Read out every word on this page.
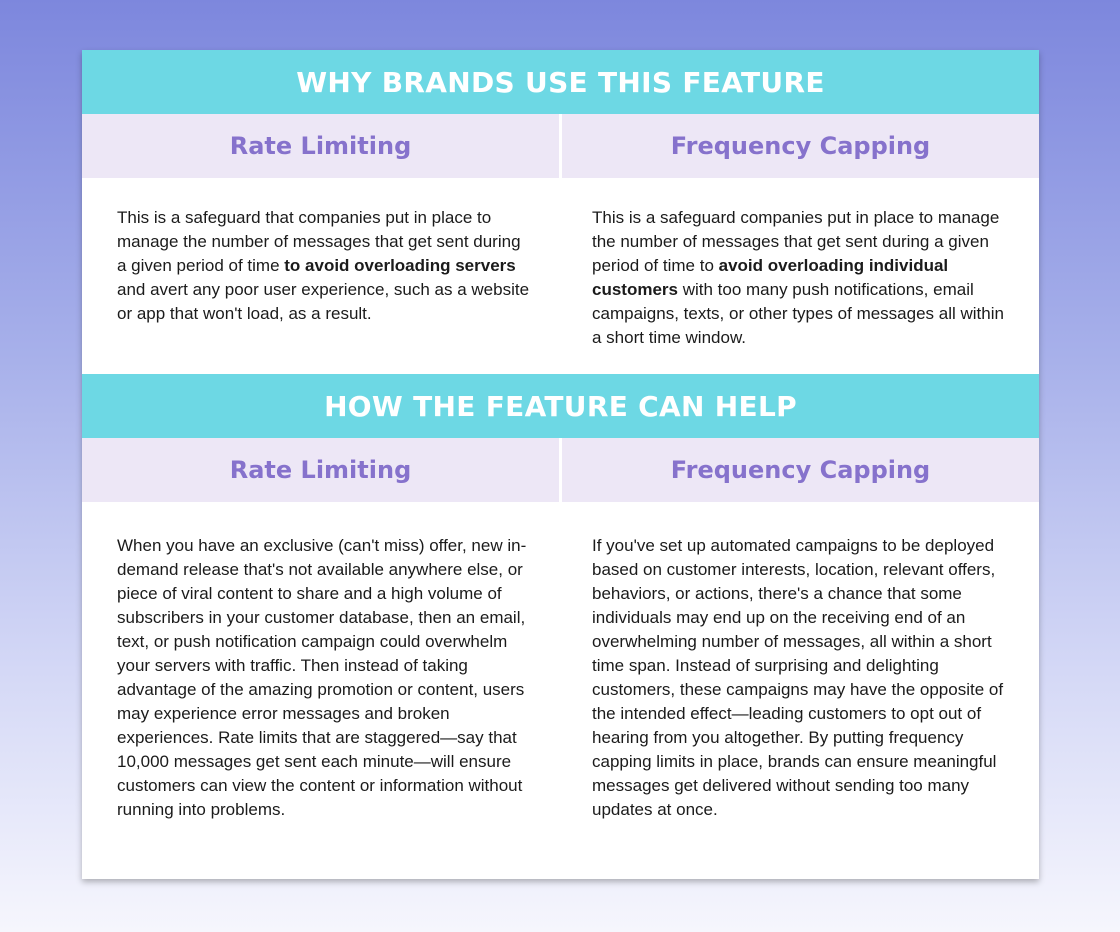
WHY BRANDS USE THIS FEATURE
Rate Limiting	Frequency Capping
This is a safeguard that companies put in place to manage the number of messages that get sent during a given period of time to avoid overloading servers and avert any poor user experience, such as a website or app that won't load, as a result.
This is a safeguard companies put in place to manage the number of messages that get sent during a given period of time to avoid overloading individual customers with too many push notifications, email campaigns, texts, or other types of messages all within a short time window.
HOW THE FEATURE CAN HELP
Rate Limiting	Frequency Capping
When you have an exclusive (can't miss) offer, new in-demand release that's not available anywhere else, or piece of viral content to share and a high volume of subscribers in your customer database, then an email, text, or push notification campaign could overwhelm your servers with traffic. Then instead of taking advantage of the amazing promotion or content, users may experience error messages and broken experiences. Rate limits that are staggered—say that 10,000 messages get sent each minute—will ensure customers can view the content or information without running into problems.
If you've set up automated campaigns to be deployed based on customer interests, location, relevant offers, behaviors, or actions, there's a chance that some individuals may end up on the receiving end of an overwhelming number of messages, all within a short time span. Instead of surprising and delighting customers, these campaigns may have the opposite of the intended effect—leading customers to opt out of hearing from you altogether. By putting frequency capping limits in place, brands can ensure meaningful messages get delivered without sending too many updates at once.
